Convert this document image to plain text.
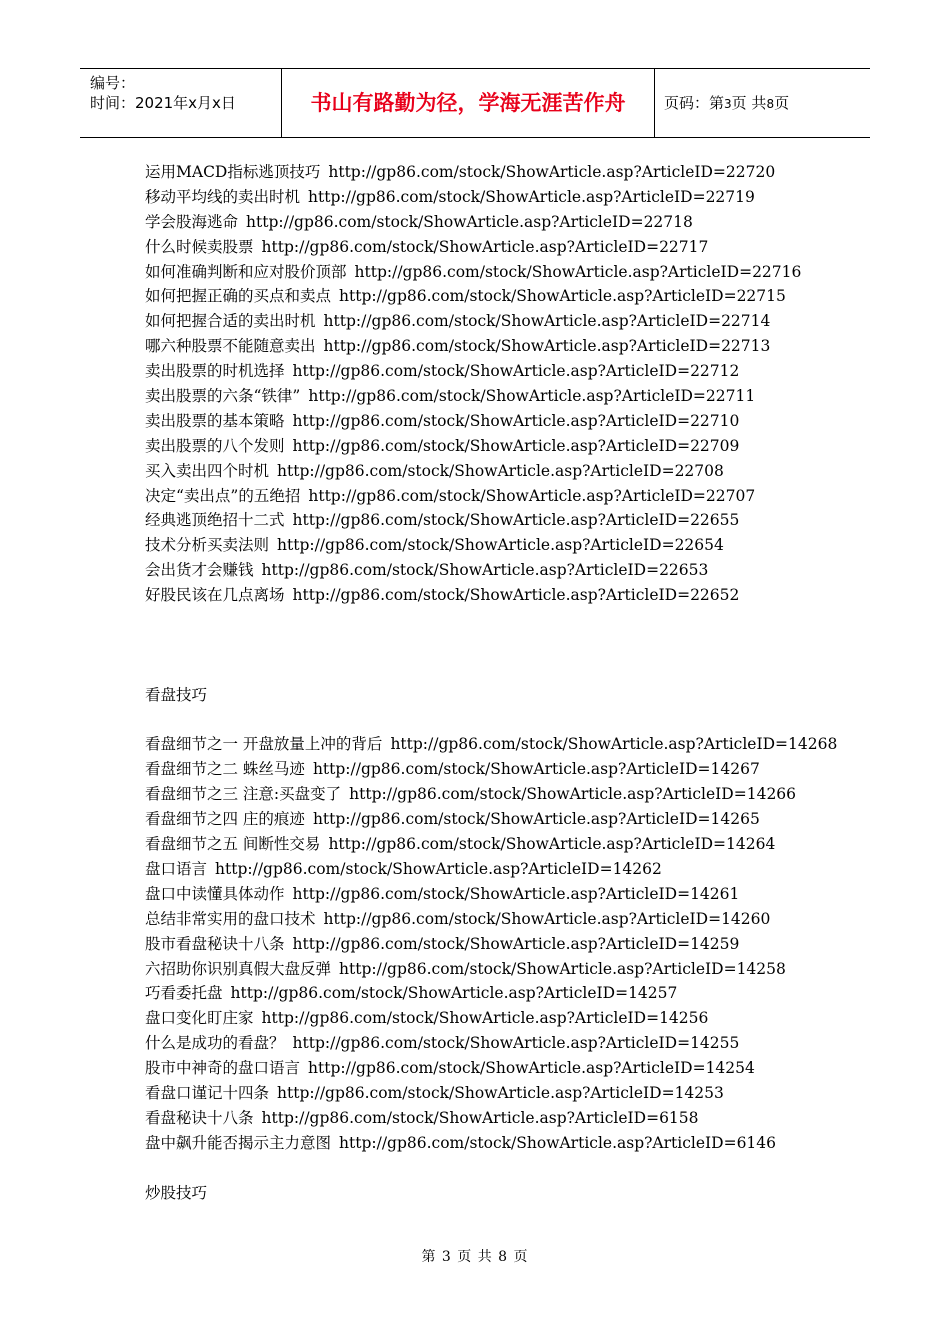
编号：
时间：2021年x月x日	书山有路勤为径，学海无涯苦作舟	页码：第3页 共8页
运用MACD指标逃顶技巧 http://gp86.com/stock/ShowArticle.asp?ArticleID=22720
移动平均线的卖出时机 http://gp86.com/stock/ShowArticle.asp?ArticleID=22719
学会股海逃命 http://gp86.com/stock/ShowArticle.asp?ArticleID=22718
什么时候卖股票 http://gp86.com/stock/ShowArticle.asp?ArticleID=22717
如何准确判断和应对股价顶部 http://gp86.com/stock/ShowArticle.asp?ArticleID=22716
如何把握正确的买点和卖点 http://gp86.com/stock/ShowArticle.asp?ArticleID=22715
如何把握合适的卖出时机 http://gp86.com/stock/ShowArticle.asp?ArticleID=22714
哪六种股票不能随意卖出 http://gp86.com/stock/ShowArticle.asp?ArticleID=22713
卖出股票的时机选择 http://gp86.com/stock/ShowArticle.asp?ArticleID=22712
卖出股票的六条“铁律” http://gp86.com/stock/ShowArticle.asp?ArticleID=22711
卖出股票的基本策略 http://gp86.com/stock/ShowArticle.asp?ArticleID=22710
卖出股票的八个发则 http://gp86.com/stock/ShowArticle.asp?ArticleID=22709
买入卖出四个时机 http://gp86.com/stock/ShowArticle.asp?ArticleID=22708
决定“卖出点”的五绝招 http://gp86.com/stock/ShowArticle.asp?ArticleID=22707
经典逃顶绝招十二式 http://gp86.com/stock/ShowArticle.asp?ArticleID=22655
技术分析买卖法则 http://gp86.com/stock/ShowArticle.asp?ArticleID=22654
会出货才会赚钱 http://gp86.com/stock/ShowArticle.asp?ArticleID=22653
好股民该在几点离场 http://gp86.com/stock/ShowArticle.asp?ArticleID=22652
看盘技巧
看盘细节之一 开盘放量上冲的背后 http://gp86.com/stock/ShowArticle.asp?ArticleID=14268
看盘细节之二 蛛丝马迹 http://gp86.com/stock/ShowArticle.asp?ArticleID=14267
看盘细节之三 注意:买盘变了 http://gp86.com/stock/ShowArticle.asp?ArticleID=14266
看盘细节之四 庄的痕迹 http://gp86.com/stock/ShowArticle.asp?ArticleID=14265
看盘细节之五 间断性交易 http://gp86.com/stock/ShowArticle.asp?ArticleID=14264
盘口语言 http://gp86.com/stock/ShowArticle.asp?ArticleID=14262
盘口中读懂具体动作 http://gp86.com/stock/ShowArticle.asp?ArticleID=14261
总结非常实用的盘口技术 http://gp86.com/stock/ShowArticle.asp?ArticleID=14260
股市看盘秘诀十八条 http://gp86.com/stock/ShowArticle.asp?ArticleID=14259
六招助你识别真假大盘反弹 http://gp86.com/stock/ShowArticle.asp?ArticleID=14258
巧看委托盘 http://gp86.com/stock/ShowArticle.asp?ArticleID=14257
盘口变化盯庄家 http://gp86.com/stock/ShowArticle.asp?ArticleID=14256
什么是成功的看盘？ http://gp86.com/stock/ShowArticle.asp?ArticleID=14255
股市中神奇的盘口语言 http://gp86.com/stock/ShowArticle.asp?ArticleID=14254
看盘口谨记十四条 http://gp86.com/stock/ShowArticle.asp?ArticleID=14253
看盘秘诀十八条 http://gp86.com/stock/ShowArticle.asp?ArticleID=6158
盘中飙升能否揭示主力意图 http://gp86.com/stock/ShowArticle.asp?ArticleID=6146
炒股技巧
第 3 页 共 8 页
